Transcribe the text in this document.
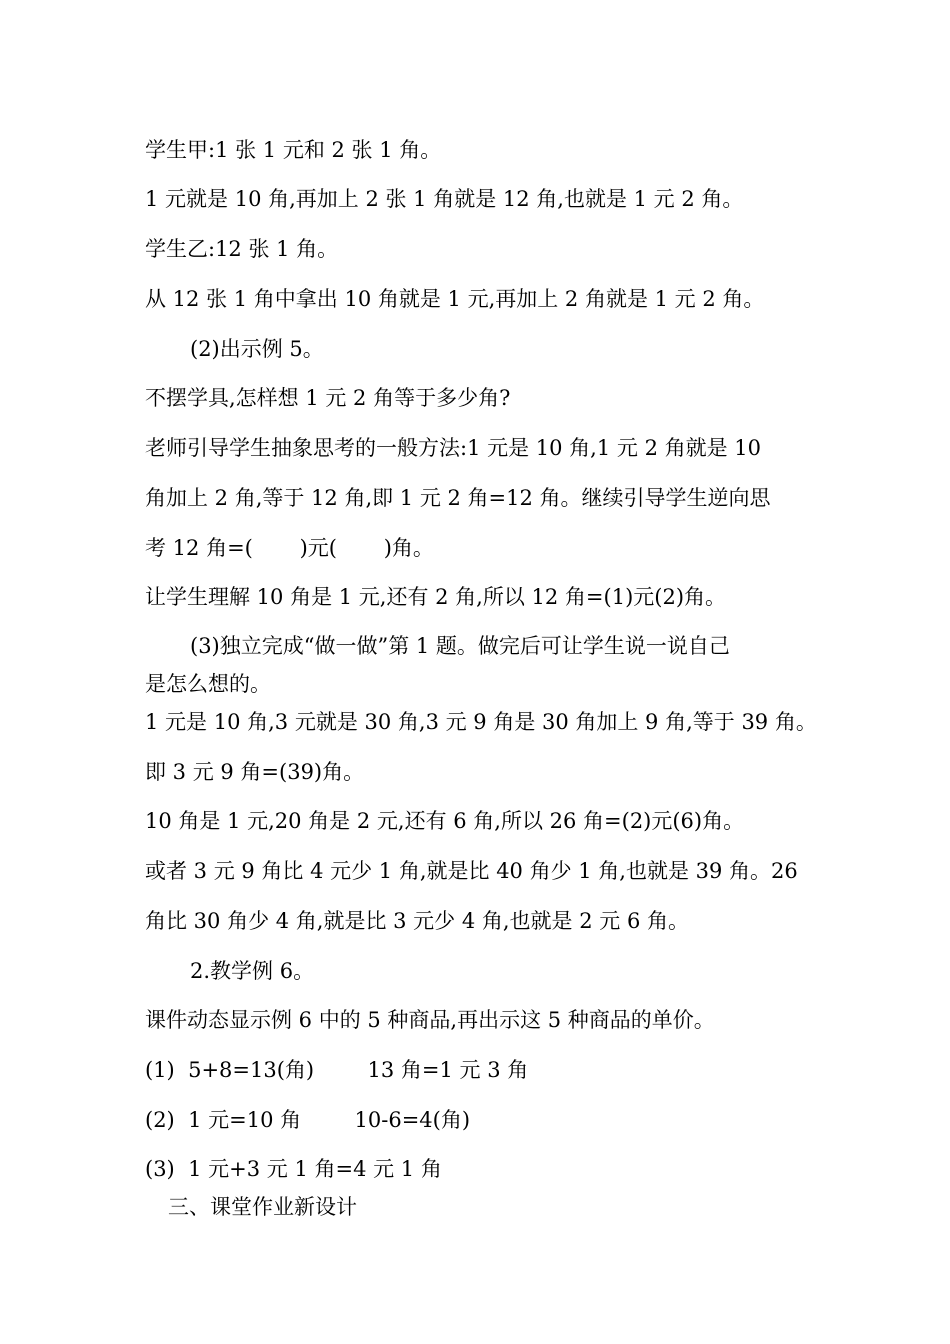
学生甲:1 张 1 元和 2 张 1 角。
1 元就是 10 角,再加上 2 张 1 角就是 12 角,也就是 1 元 2 角。
学生乙:12 张 1 角。
从 12 张 1 角中拿出 10 角就是 1 元,再加上 2 角就是 1 元 2 角。
(2)出示例 5。
不摆学具,怎样想 1 元 2 角等于多少角?
老师引导学生抽象思考的一般方法:1 元是 10 角,1 元 2 角就是 10
角加上 2 角,等于 12 角,即 1 元 2 角=12 角。继续引导学生逆向思
考 12 角=(       )元(       )角。
让学生理解 10 角是 1 元,还有 2 角,所以 12 角=(1)元(2)角。
(3)独立完成“做一做”第 1 题。做完后可让学生说一说自己
是怎么想的。
1 元是 10 角,3 元就是 30 角,3 元 9 角是 30 角加上 9 角,等于 39 角。
即 3 元 9 角=(39)角。
10 角是 1 元,20 角是 2 元,还有 6 角,所以 26 角=(2)元(6)角。
或者 3 元 9 角比 4 元少 1 角,就是比 40 角少 1 角,也就是 39 角。26
角比 30 角少 4 角,就是比 3 元少 4 角,也就是 2 元 6 角。
2.教学例 6。
课件动态显示例 6 中的 5 种商品,再出示这 5 种商品的单价。
(1)  5+8=13(角)        13 角=1 元 3 角
(2)  1 元=10 角        10-6=4(角)
(3)  1 元+3 元 1 角=4 元 1 角
三、课堂作业新设计
